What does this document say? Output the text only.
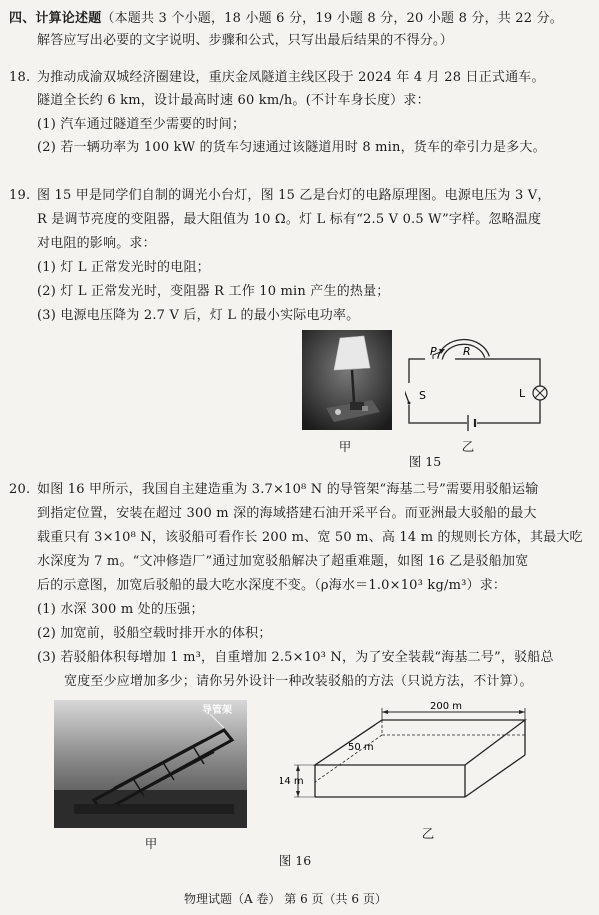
四、计算论述题（本题共 3 个小题，18 小题 6 分，19 小题 8 分，20 小题 8 分，共 22 分。
解答应写出必要的文字说明、步骤和公式，只写出最后结果的不得分。）
18. 为推动成渝双城经济圈建设，重庆金凤隧道主线区段于 2024 年 4 月 28 日正式通车。
隧道全长约 6 km，设计最高时速 60 km/h。(不计车身长度）求：
(1) 汽车通过隧道至少需要的时间；
(2) 若一辆功率为 100 kW 的货车匀速通过该隧道用时 8 min，货车的牵引力是多大。
19. 图 15 甲是同学们自制的调光小台灯，图 15 乙是台灯的电路原理图。电源电压为 3 V，
R 是调节亮度的变阻器，最大阻值为 10 Ω。灯 L 标有“2.5 V 0.5 W”字样。忽略温度
对电阻的影响。求：
(1) 灯 L 正常发光时的电阻；
(2) 灯 L 正常发光时，变阻器 R 工作 10 min 产生的热量；
(3) 电源电压降为 2.7 V 后，灯 L 的最小实际电功率。
甲
P R
S	L
乙
图 15
20. 如图 16 甲所示，我国自主建造重为 3.7×10⁸ N 的导管架“海基二号”需要用驳船运输
到指定位置，安装在超过 300 m 深的海域搭建石油开采平台。而亚洲最大驳船的最大
载重只有 3×10⁸ N，该驳船可看作长 200 m、宽 50 m、高 14 m 的规则长方体，其最大吃
水深度为 7 m。“文冲修造厂”通过加宽驳船解决了超重难题，如图 16 乙是驳船加宽
后的示意图，加宽后驳船的最大吃水深度不变。（ρ海水＝1.0×10³ kg/m³）求：
(1) 水深 300 m 处的压强；
(2) 加宽前，驳船空载时排开水的体积；
(3) 若驳船体积每增加 1 m³，自重增加 2.5×10³ N，为了安全装载“海基二号”，驳船总
宽度至少应增加多少；请你另外设计一种改装驳船的方法（只说方法，不计算）。
导管架
甲
200 m
50 m
14 m
乙
图 16
物理试题（A 卷） 第 6 页（共 6 页）
